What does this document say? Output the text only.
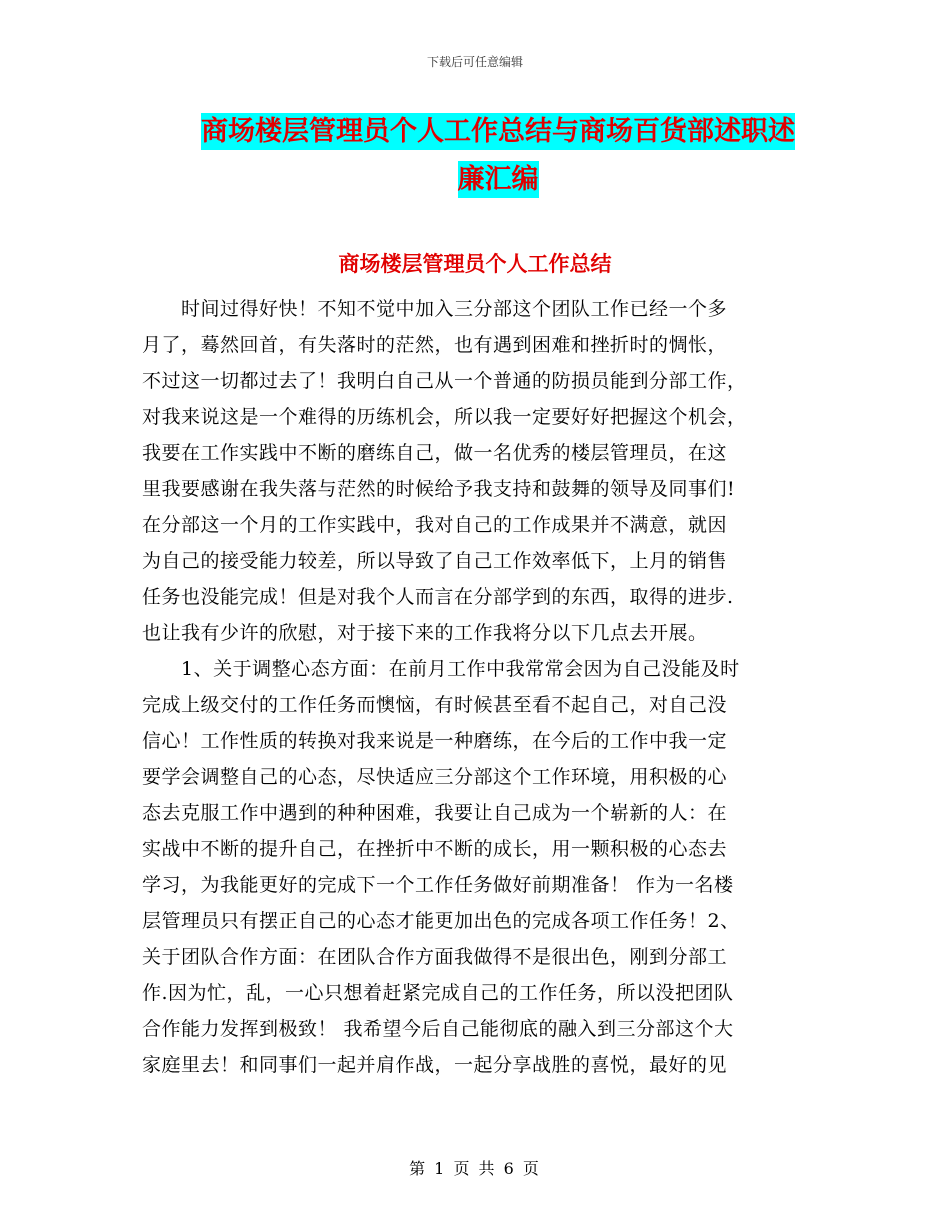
下载后可任意编辑
商场楼层管理员个人工作总结与商场百货部述职述廉汇编
商场楼层管理员个人工作总结
　　时间过得好快！不知不觉中加入三分部这个团队工作已经一个多
月了，蓦然回首，有失落时的茫然，也有遇到困难和挫折时的惆怅，
不过这一切都过去了！我明白自己从一个普通的防损员能到分部工作，
对我来说这是一个难得的历练机会，所以我一定要好好把握这个机会，
我要在工作实践中不断的磨练自己，做一名优秀的楼层管理员，在这
里我要感谢在我失落与茫然的时候给予我支持和鼓舞的领导及同事们!
在分部这一个月的工作实践中，我对自己的工作成果并不满意，就因
为自己的接受能力较差，所以导致了自己工作效率低下，上月的销售
任务也没能完成！但是对我个人而言在分部学到的东西，取得的进步.
也让我有少许的欣慰，对于接下来的工作我将分以下几点去开展。
　　1、关于调整心态方面：在前月工作中我常常会因为自己没能及时
完成上级交付的工作任务而懊恼，有时候甚至看不起自己，对自己没
信心！工作性质的转换对我来说是一种磨练，在今后的工作中我一定
要学会调整自己的心态，尽快适应三分部这个工作环境，用积极的心
态去克服工作中遇到的种种困难，我要让自己成为一个崭新的人：在
实战中不断的提升自己，在挫折中不断的成长，用一颗积极的心态去
学习，为我能更好的完成下一个工作任务做好前期准备！ 作为一名楼
层管理员只有摆正自己的心态才能更加出色的完成各项工作任务！2、
关于团队合作方面：在团队合作方面我做得不是很出色，刚到分部工
作.因为忙，乱，一心只想着赶紧完成自己的工作任务，所以没把团队
合作能力发挥到极致！ 我希望今后自己能彻底的融入到三分部这个大
家庭里去！和同事们一起并肩作战，一起分享战胜的喜悦，最好的见
第 1 页 共 6 页
